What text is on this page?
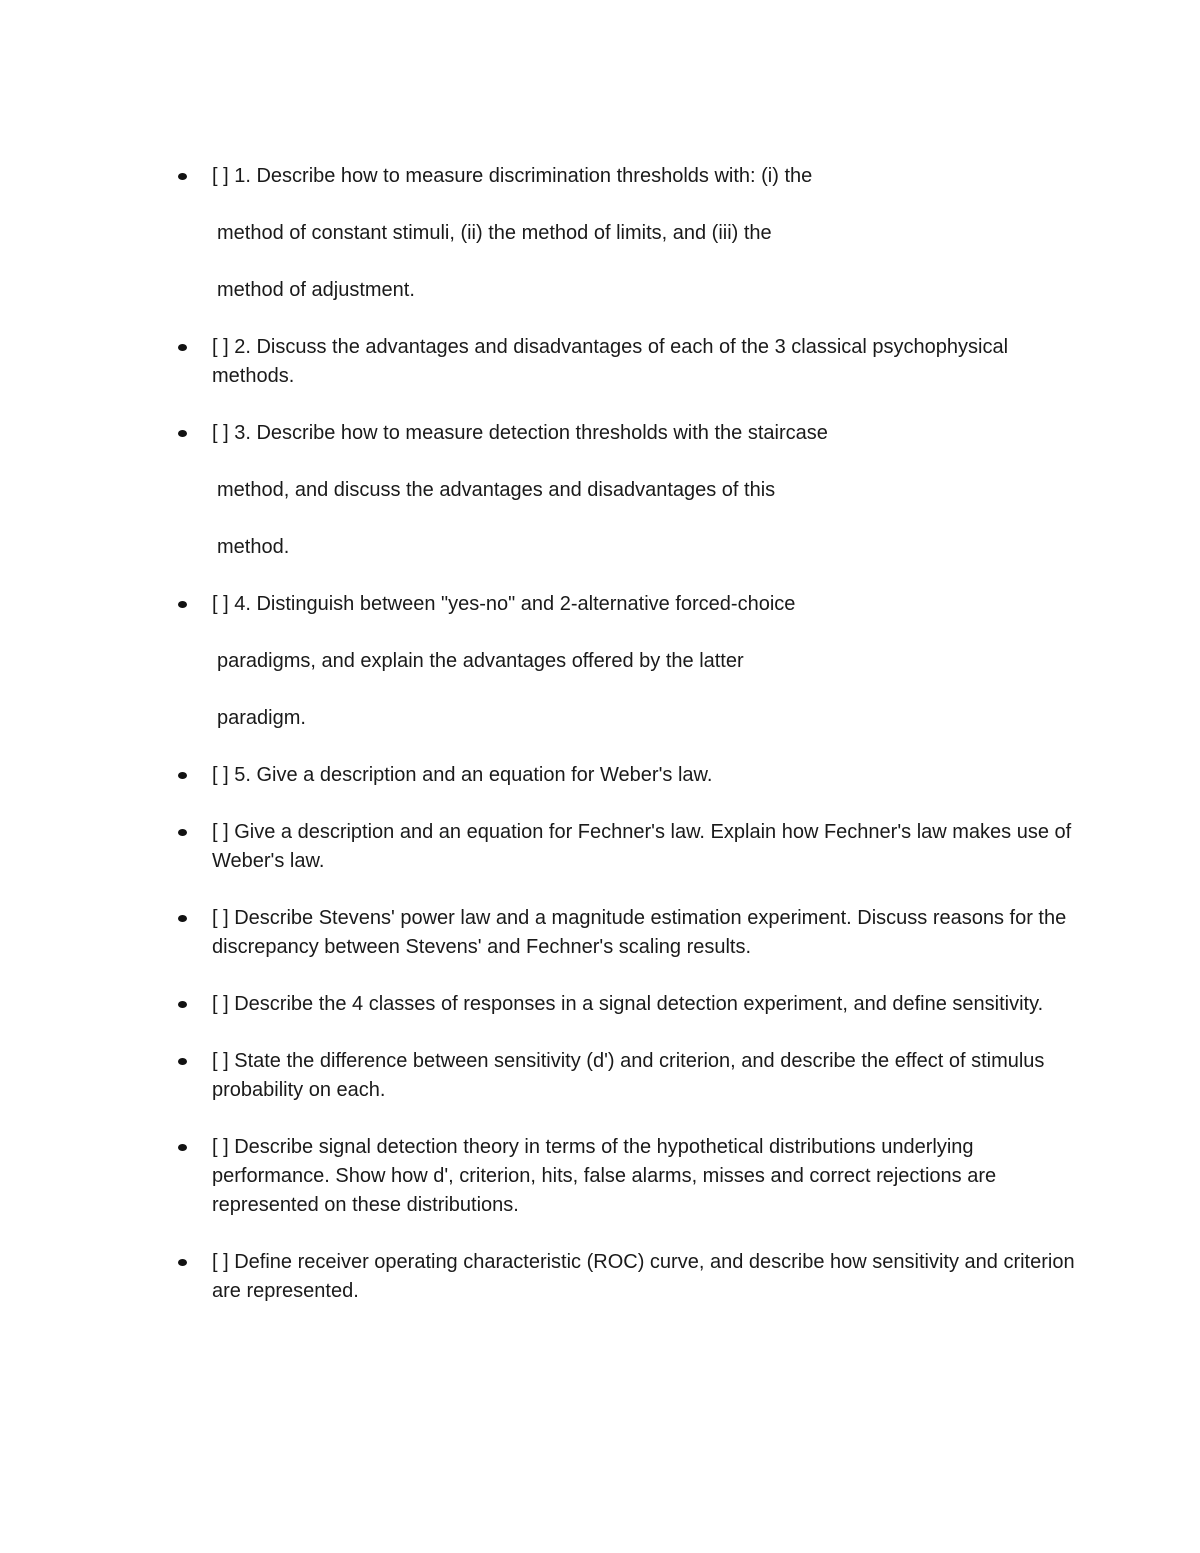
[ ] 1. Describe how to measure discrimination thresholds with: (i) the
method of constant stimuli, (ii) the method of limits, and (iii) the
method of adjustment.
[ ] 2. Discuss the advantages and disadvantages of each of the 3 classical psychophysical methods.
[ ] 3. Describe how to measure detection thresholds with the staircase
method, and discuss the advantages and disadvantages of this
method.
[ ] 4. Distinguish between "yes-no" and 2-alternative forced-choice
paradigms, and explain the advantages offered by the latter
paradigm.
[ ] 5. Give a description and an equation for Weber's law.
[ ] Give a description and an equation for Fechner's law. Explain how Fechner's law makes use of Weber's law.
[ ] Describe Stevens' power law and a magnitude estimation experiment. Discuss reasons for the discrepancy between Stevens' and Fechner's scaling results.
[ ] Describe the 4 classes of responses in a signal detection experiment, and define sensitivity.
[ ] State the difference between sensitivity (d') and criterion, and describe the effect of stimulus probability on each.
[ ] Describe signal detection theory in terms of the hypothetical distributions underlying performance. Show how d', criterion, hits, false alarms, misses and correct rejections are represented on these distributions.
[ ] Define receiver operating characteristic (ROC) curve, and describe how sensitivity and criterion are represented.
